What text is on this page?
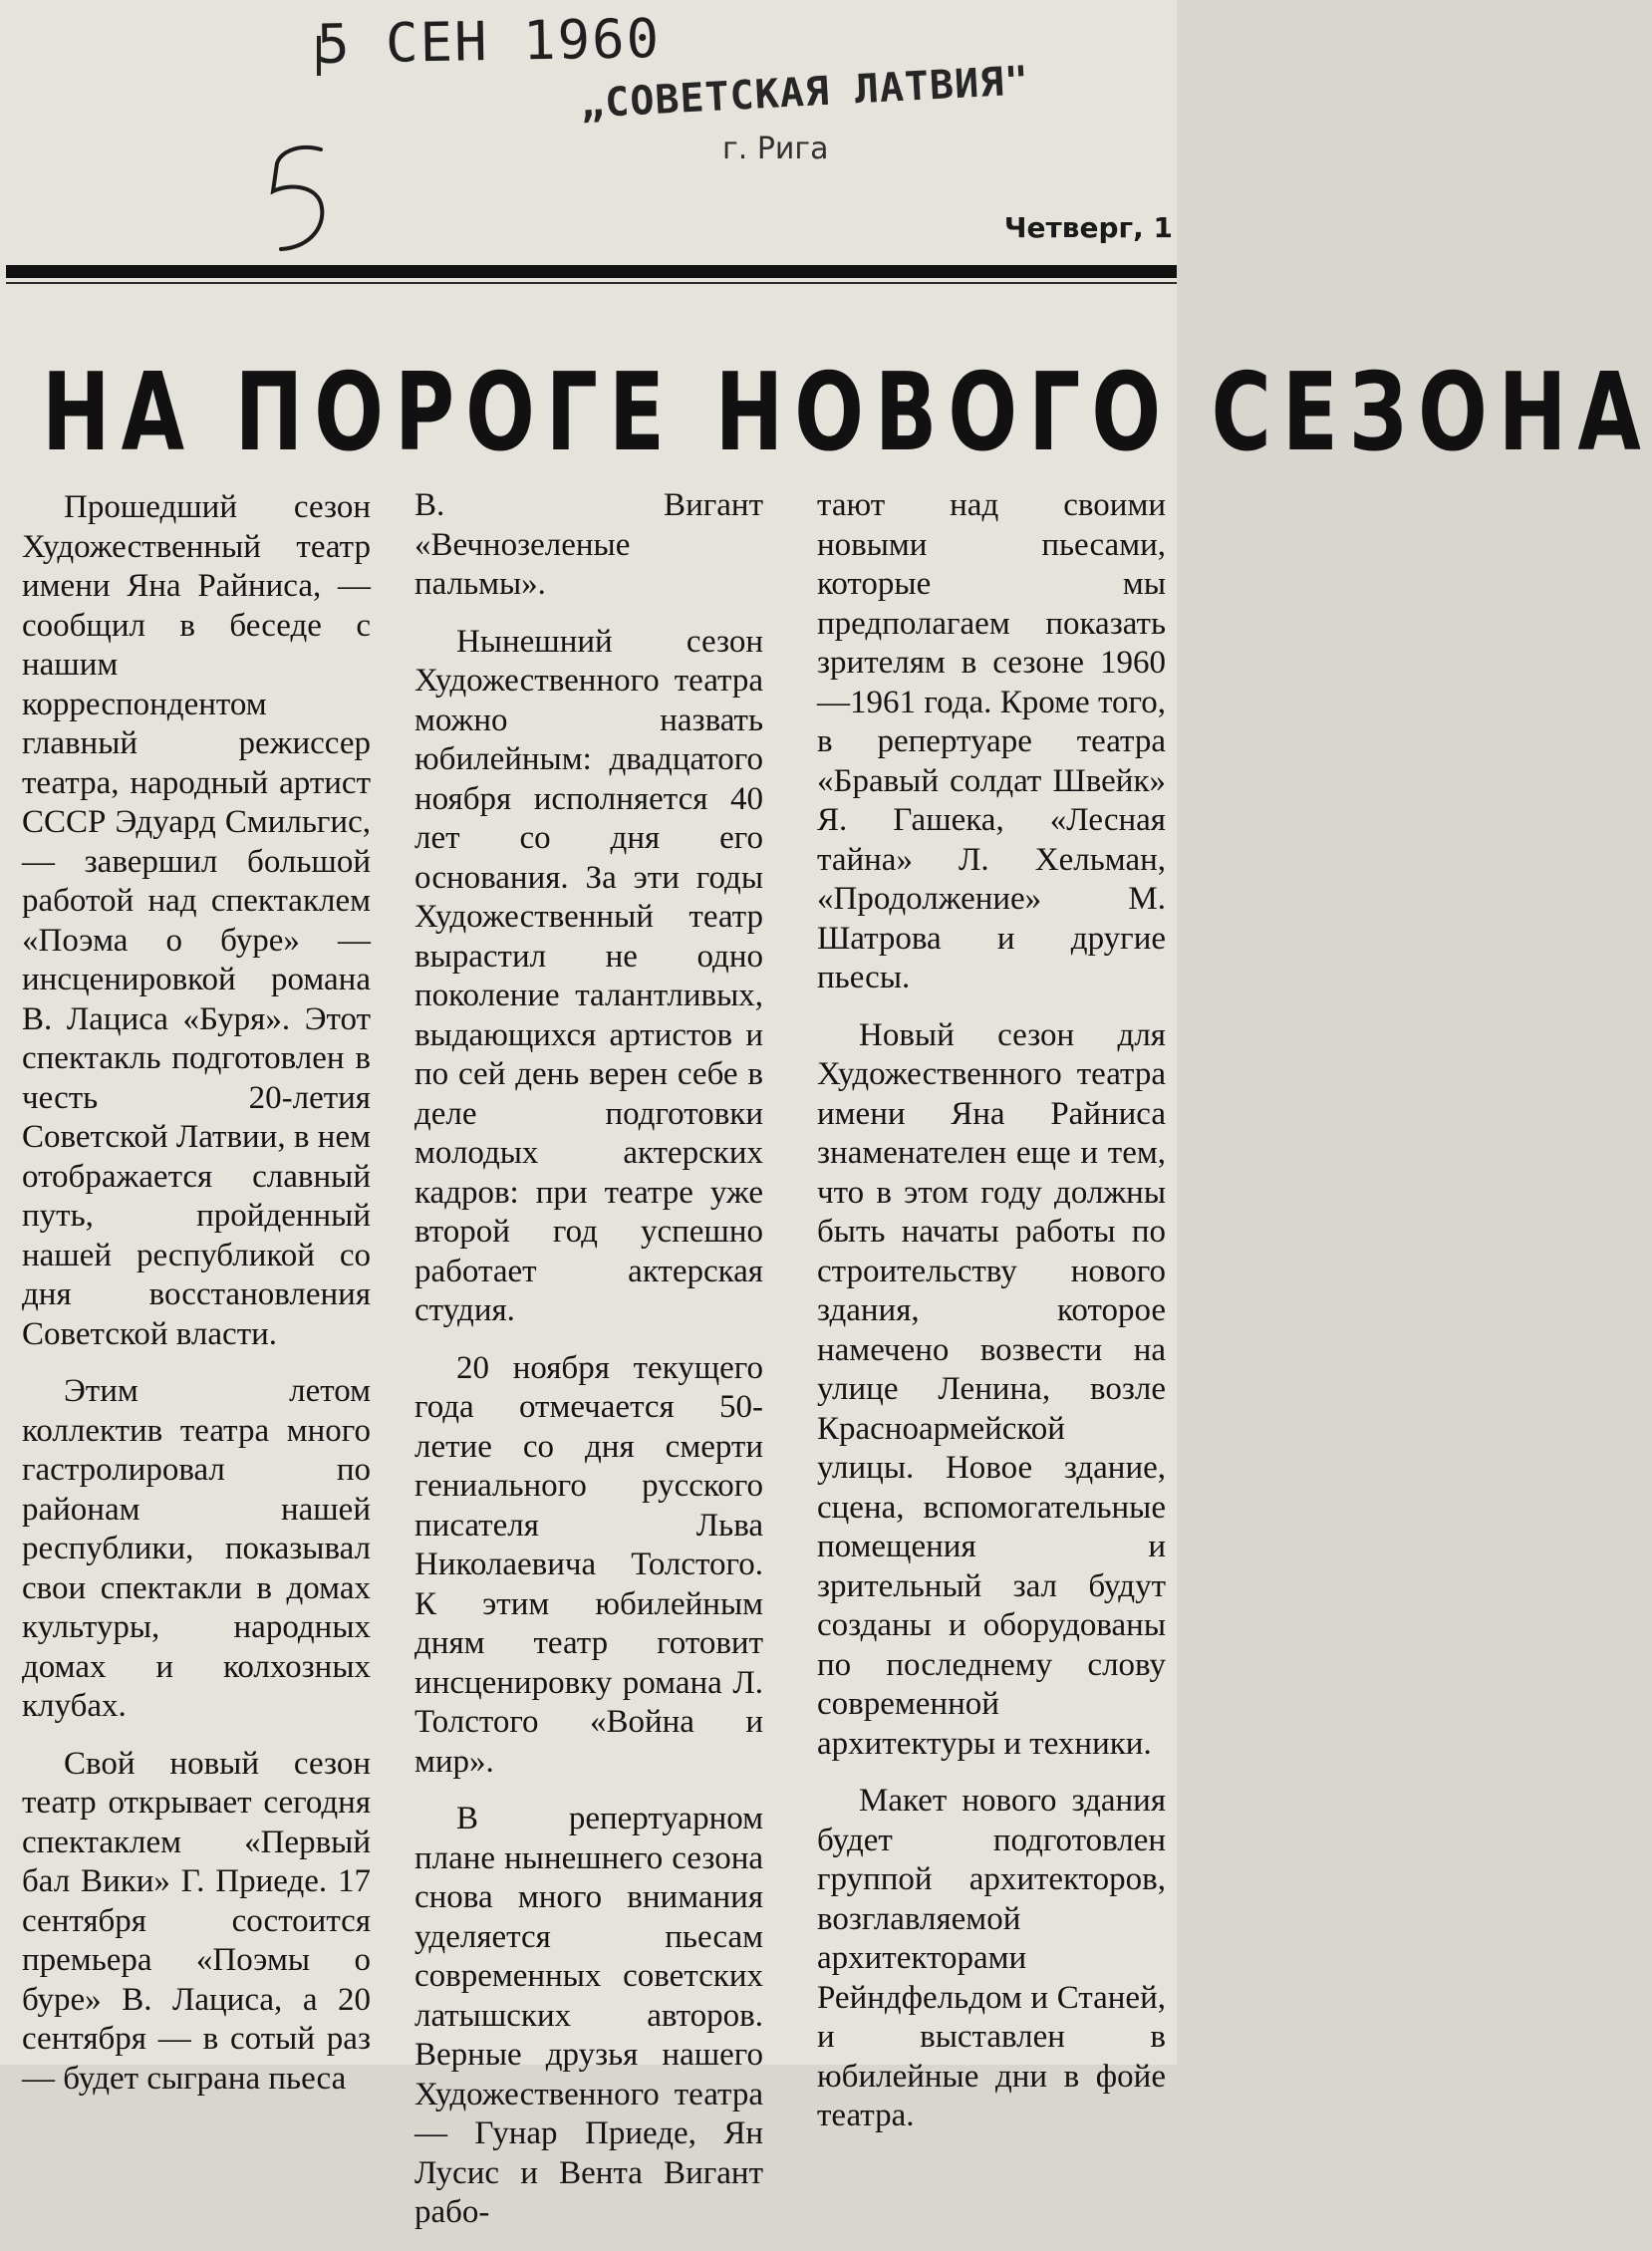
5 СЕН 1960
„СОВЕТСКАЯ ЛАТВИЯ"
г. Рига
Четверг, 1
НА ПОРОГЕ НОВОГО СЕЗОНА

Прошедший сезон Художественный театр имени Яна Райниса, — сообщил в беседе с нашим корреспондентом главный режиссер театра, народный артист СССР Эдуард Смильгис, — завершил большой работой над спектаклем «Поэма о буре» — инсценировкой романа В. Лациса «Буря». Этот спектакль подготовлен в честь 20-летия Советской Латвии, в нем отображается славный путь, пройденный нашей республикой со дня восстановления Советской власти.

Этим летом коллектив театра много гастролировал по районам нашей республики, показывал свои спектакли в домах культуры, народных домах и колхозных клубах.

Свой новый сезон театр открывает сегодня спектаклем «Первый бал Вики» Г. Приеде. 17 сентября состоится премьера «Поэмы о буре» В. Лациса, а 20 сентября — в сотый раз — будет сыграна пьеса

В. Вигант «Вечнозеленые пальмы».

Нынешний сезон Художественного театра можно назвать юбилейным: двадцатого ноября исполняется 40 лет со дня его основания. За эти годы Художественный театр вырастил не одно поколение талантливых, выдающихся артистов и по сей день верен себе в деле подготовки молодых актерских кадров: при театре уже второй год успешно работает актерская студия.

20 ноября текущего года отмечается 50-летие со дня смерти гениального русского писателя Льва Николаевича Толстого. К этим юбилейным дням театр готовит инсценировку романа Л. Толстого «Война и мир».

В репертуарном плане нынешнего сезона снова много внимания уделяется пьесам современных советских латышских авторов. Верные друзья нашего Художественного театра — Гунар Приеде, Ян Лусис и Вента Вигант рабо-

тают над своими новыми пьесами, которые мы предполагаем показать зрителям в сезоне 1960—1961 года. Кроме того, в репертуаре театра «Бравый солдат Швейк» Я. Гашека, «Лесная тайна» Л. Хельман, «Продолжение» М. Шатрова и другие пьесы.

Новый сезон для Художественного театра имени Яна Райниса знаменателен еще и тем, что в этом году должны быть начаты работы по строительству нового здания, которое намечено возвести на улице Ленина, возле Красноармейской улицы. Новое здание, сцена, вспомогательные помещения и зрительный зал будут созданы и оборудованы по последнему слову современной архитектуры и техники.

Макет нового здания будет подготовлен группой архитекторов, возглавляемой архитекторами Рейндфельдом и Станей, и выставлен в юбилейные дни в фойе театра.
